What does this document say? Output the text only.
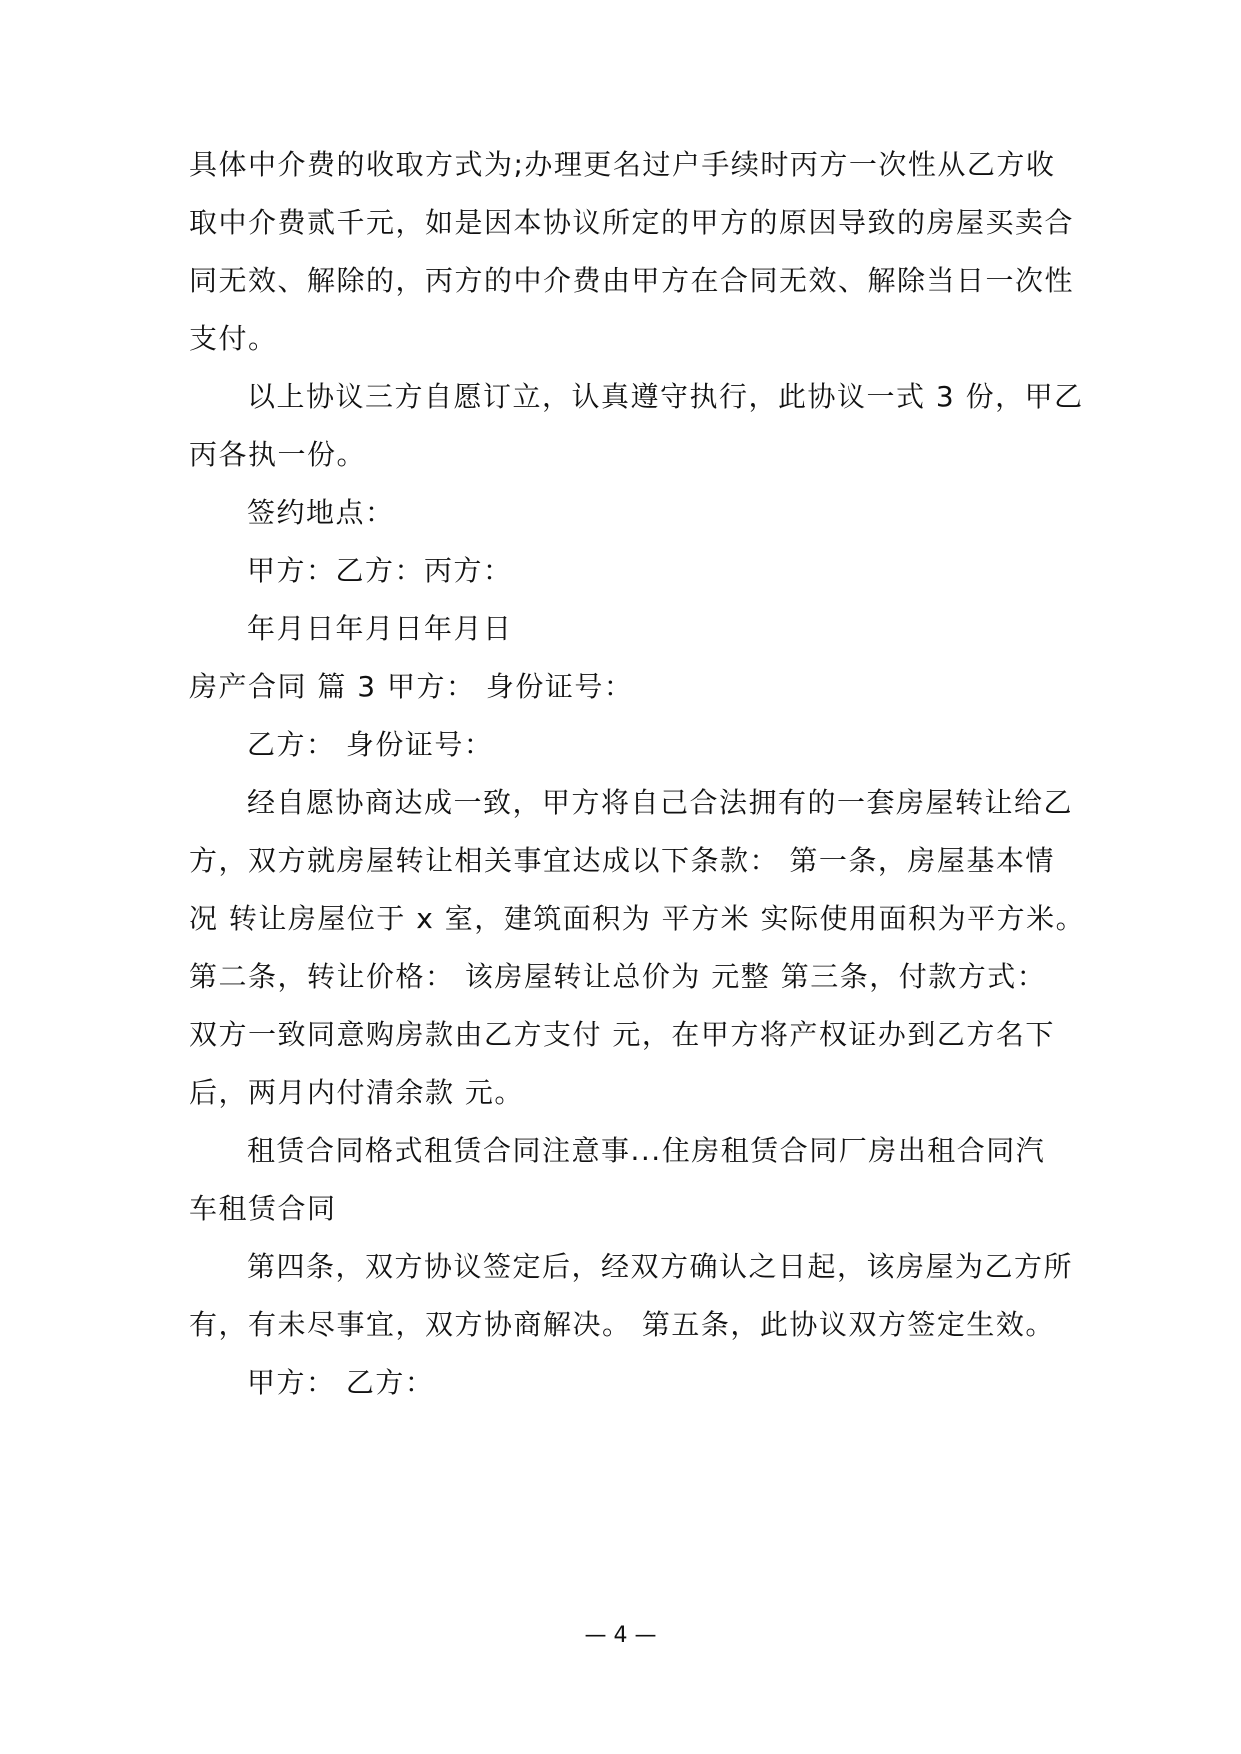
具体中介费的收取方式为;办理更名过户手续时丙方一次性从乙方收
取中介费贰千元，如是因本协议所定的甲方的原因导致的房屋买卖合
同无效、解除的，丙方的中介费由甲方在合同无效、解除当日一次性
支付。
以上协议三方自愿订立，认真遵守执行，此协议一式 3 份，甲乙
丙各执一份。
签约地点：
甲方：乙方：丙方：
年月日年月日年月日
房产合同 篇 3 甲方： 身份证号：
乙方： 身份证号：
经自愿协商达成一致，甲方将自己合法拥有的一套房屋转让给乙
方，双方就房屋转让相关事宜达成以下条款： 第一条，房屋基本情
况 转让房屋位于 x 室，建筑面积为 平方米 实际使用面积为平方米。
第二条，转让价格： 该房屋转让总价为 元整 第三条，付款方式：
双方一致同意购房款由乙方支付 元，在甲方将产权证办到乙方名下
后，两月内付清余款 元。
租赁合同格式租赁合同注意事...住房租赁合同厂房出租合同汽
车租赁合同
第四条，双方协议签定后，经双方确认之日起，该房屋为乙方所
有，有未尽事宜，双方协商解决。 第五条，此协议双方签定生效。
甲方： 乙方：
— 4 —
